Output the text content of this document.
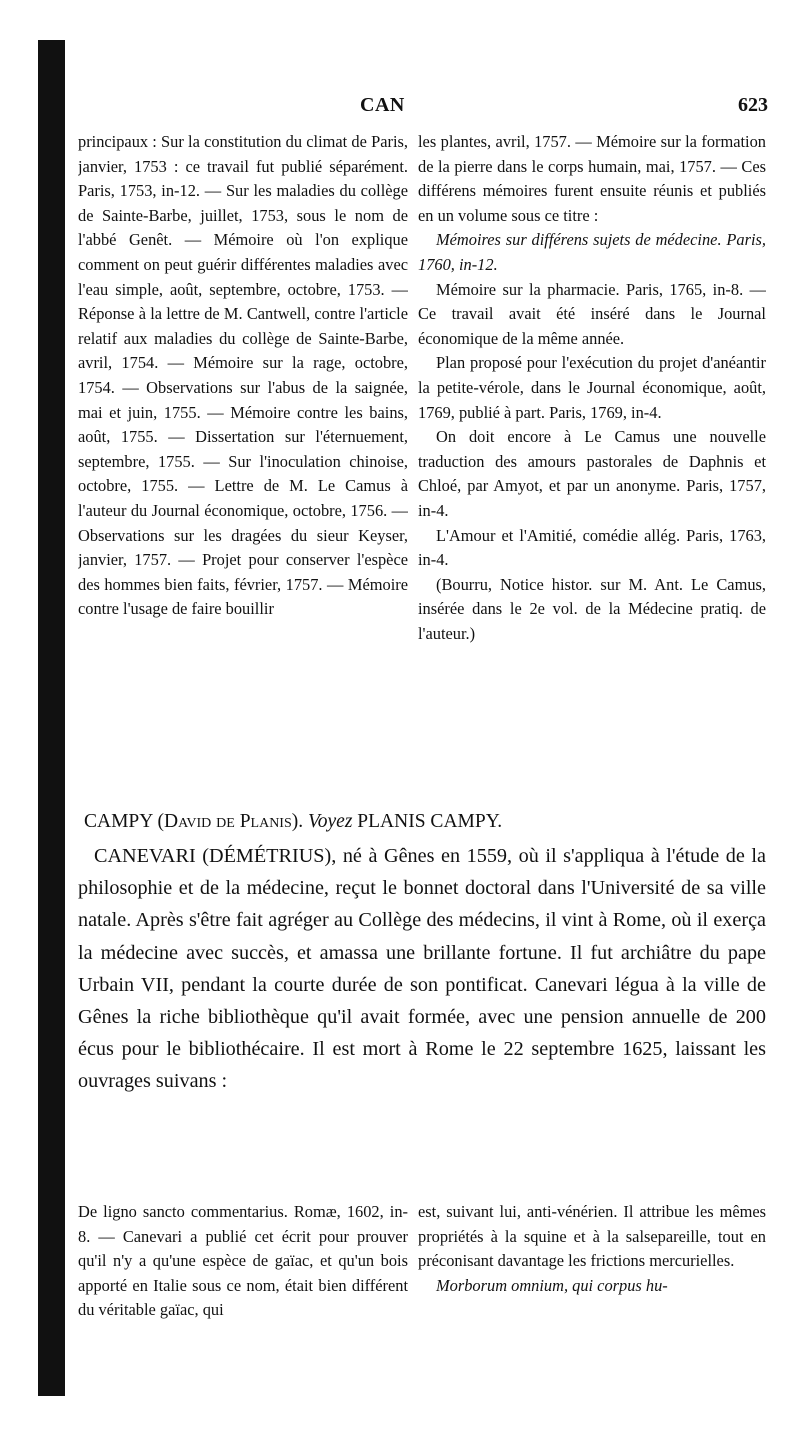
CAN	623

principaux : Sur la constitution du climat de Paris, janvier, 1753 : ce travail fut publié séparément. Paris, 1753, in-12. — Sur les maladies du collège de Sainte-Barbe, juillet, 1753, sous le nom de l'abbé Genêt. — Mémoire où l'on explique comment on peut guérir différentes maladies avec l'eau simple, août, septembre, octobre, 1753. — Réponse à la lettre de M. Cantwell, contre l'article relatif aux maladies du collège de Sainte-Barbe, avril, 1754. — Mémoire sur la rage, octobre, 1754. — Observations sur l'abus de la saignée, mai et juin, 1755. — Mémoire contre les bains, août, 1755. — Dissertation sur l'éternuement, septembre, 1755. — Sur l'inoculation chinoise, octobre, 1755. — Lettre de M. Le Camus à l'auteur du Journal économique, octobre, 1756. — Observations sur les dragées du sieur Keyser, janvier, 1757. — Projet pour conserver l'espèce des hommes bien faits, février, 1757. — Mémoire contre l'usage de faire bouillir

les plantes, avril, 1757. — Mémoire sur la formation de la pierre dans le corps humain, mai, 1757. — Ces différens mémoires furent ensuite réunis et publiés en un volume sous ce titre :

Mémoires sur différens sujets de médecine. Paris, 1760, in-12.

Mémoire sur la pharmacie. Paris, 1765, in-8. — Ce travail avait été inséré dans le Journal économique de la même année.

Plan proposé pour l'exécution du projet d'anéantir la petite-vérole, dans le Journal économique, août, 1769, publié à part. Paris, 1769, in-4.

On doit encore à Le Camus une nouvelle traduction des amours pastorales de Daphnis et Chloé, par Amyot, et par un anonyme. Paris, 1757, in-4.

L'Amour et l'Amitié, comédie allég. Paris, 1763, in-4.

(Bourru, Notice histor. sur M. Ant. Le Camus, insérée dans le 2e vol. de la Médecine pratiq. de l'auteur.)

CAMPY (David de Planis). Voyez PLANIS CAMPY.

CANEVARI (DÉMÉTRIUS), né à Gênes en 1559, où il s'appliqua à l'étude de la philosophie et de la médecine, reçut le bonnet doctoral dans l'Université de sa ville natale. Après s'être fait agréger au Collège des médecins, il vint à Rome, où il exerça la médecine avec succès, et amassa une brillante fortune. Il fut archiâtre du pape Urbain VII, pendant la courte durée de son pontificat. Canevari légua à la ville de Gênes la riche bibliothèque qu'il avait formée, avec une pension annuelle de 200 écus pour le bibliothécaire. Il est mort à Rome le 22 septembre 1625, laissant les ouvrages suivans :

De ligno sancto commentarius. Romæ, 1602, in-8. — Canevari a publié cet écrit pour prouver qu'il n'y a qu'une espèce de gaïac, et qu'un bois apporté en Italie sous ce nom, était bien différent du véritable gaïac, qui

est, suivant lui, anti-vénérien. Il attribue les mêmes propriétés à la squine et à la salsepareille, tout en préconisant davantage les frictions mercurielles.

Morborum omnium, qui corpus hu-
